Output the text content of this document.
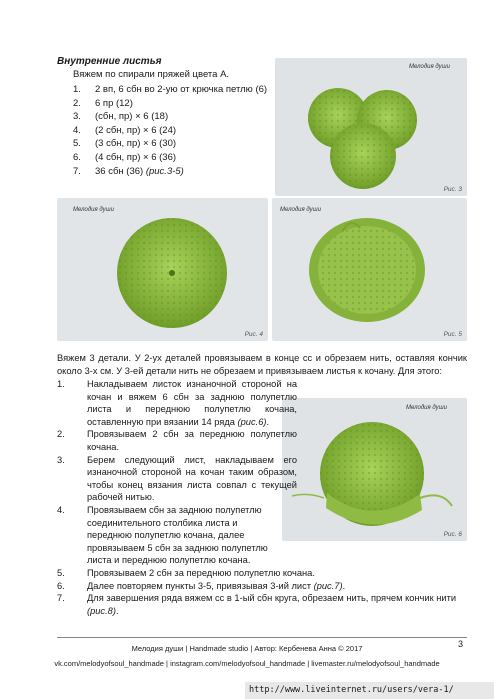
Внутренние листья
Вяжем по спирали пряжей цвета А.
1.	2 вп, 6 сбн во 2-ую от крючка петлю (6)
2.	6 пр (12)
3.	(сбн, пр) × 6 (18)
4.	(2 сбн, пр) × 6 (24)
5.	(3 сбн, пр) × 6 (30)
6.	(4 сбн, пр) × 6 (36)
7.	36 сбн (36) (рис.3-5)
Мелодия души
Рис. 3
Мелодия души
Рис. 4
Мелодия души
Рис. 5
Вяжем 3 детали. У 2-ух деталей провязываем в конце сс и обрезаем нить, оставляя кончик около 3-х см. У 3-ей детали нить не обрезаем и привязываем листья к кочану. Для этого:
Мелодия души
Рис. 6
1.	Накладываем листок изнаночной стороной на кочан и вяжем 6 сбн за заднюю полупетлю листа и переднюю полупетлю кочана, оставленную при вязании 14 ряда (рис.6).
2.	Провязываем 2 сбн за переднюю полупетлю кочана.
3.	Берем следующий лист, накладываем его изнаночной стороной на кочан таким образом, чтобы конец вязания листа совпал с текущей рабочей нитью.
4.	Провязываем сбн за заднюю полупетлю соединительного столбика листа и переднюю полупетлю кочана, далее провязываем 5 сбн за заднюю полупетлю листа и переднюю полупетлю кочана.
5.	Провязываем 2 сбн за переднюю полупетлю кочана.
6.	Далее повторяем пункты 3-5, привязывая 3-ий лист (рис.7).
7.	Для завершения ряда вяжем сс в 1-ый сбн круга, обрезаем нить, прячем кончик нити (рис.8).
3
Мелодия души | Handmade studio | Автор: Кербенева Анна © 2017
vk.com/melodyofsoul_handmade | instagram.com/melodyofsoul_handmade | livemaster.ru/melodyofsoul_handmade
http://www.liveinternet.ru/users/vera-1/
